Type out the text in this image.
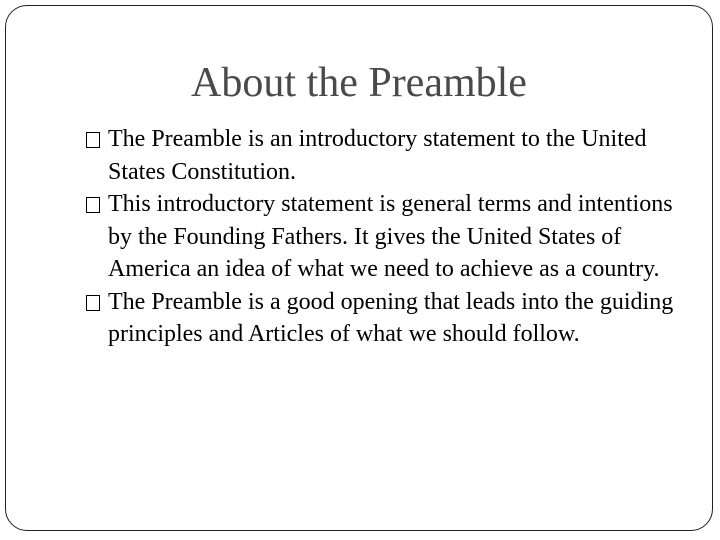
About the Preamble
The Preamble is an introductory statement to the United States Constitution.
This introductory statement is general terms and intentions by the Founding Fathers. It gives the United States of America an idea of what we need to achieve as a country.
The Preamble is a good opening that leads into the guiding principles and Articles of what we should follow.
